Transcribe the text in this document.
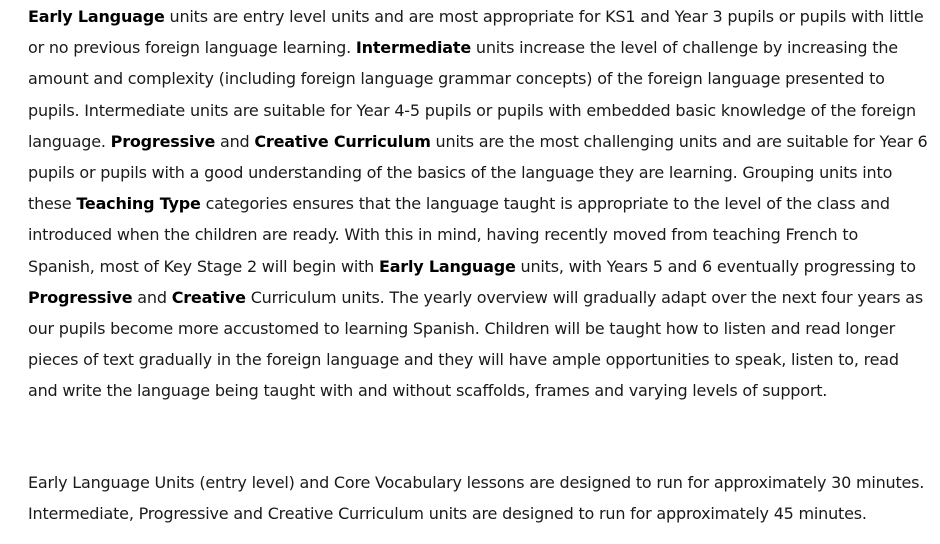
Early Language units are entry level units and are most appropriate for KS1 and Year 3 pupils or pupils with little or no previous foreign language learning. Intermediate units increase the level of challenge by increasing the amount and complexity (including foreign language grammar concepts) of the foreign language presented to pupils. Intermediate units are suitable for Year 4-5 pupils or pupils with embedded basic knowledge of the foreign language. Progressive and Creative Curriculum units are the most challenging units and are suitable for Year 6 pupils or pupils with a good understanding of the basics of the language they are learning. Grouping units into these Teaching Type categories ensures that the language taught is appropriate to the level of the class and introduced when the children are ready. With this in mind, having recently moved from teaching French to Spanish, most of Key Stage 2 will begin with Early Language units, with Years 5 and 6 eventually progressing to Progressive and Creative Curriculum units. The yearly overview will gradually adapt over the next four years as our pupils become more accustomed to learning Spanish. Children will be taught how to listen and read longer pieces of text gradually in the foreign language and they will have ample opportunities to speak, listen to, read and write the language being taught with and without scaffolds, frames and varying levels of support.

Early Language Units (entry level) and Core Vocabulary lessons are designed to run for approximately 30 minutes.
Intermediate, Progressive and Creative Curriculum units are designed to run for approximately 45 minutes.
